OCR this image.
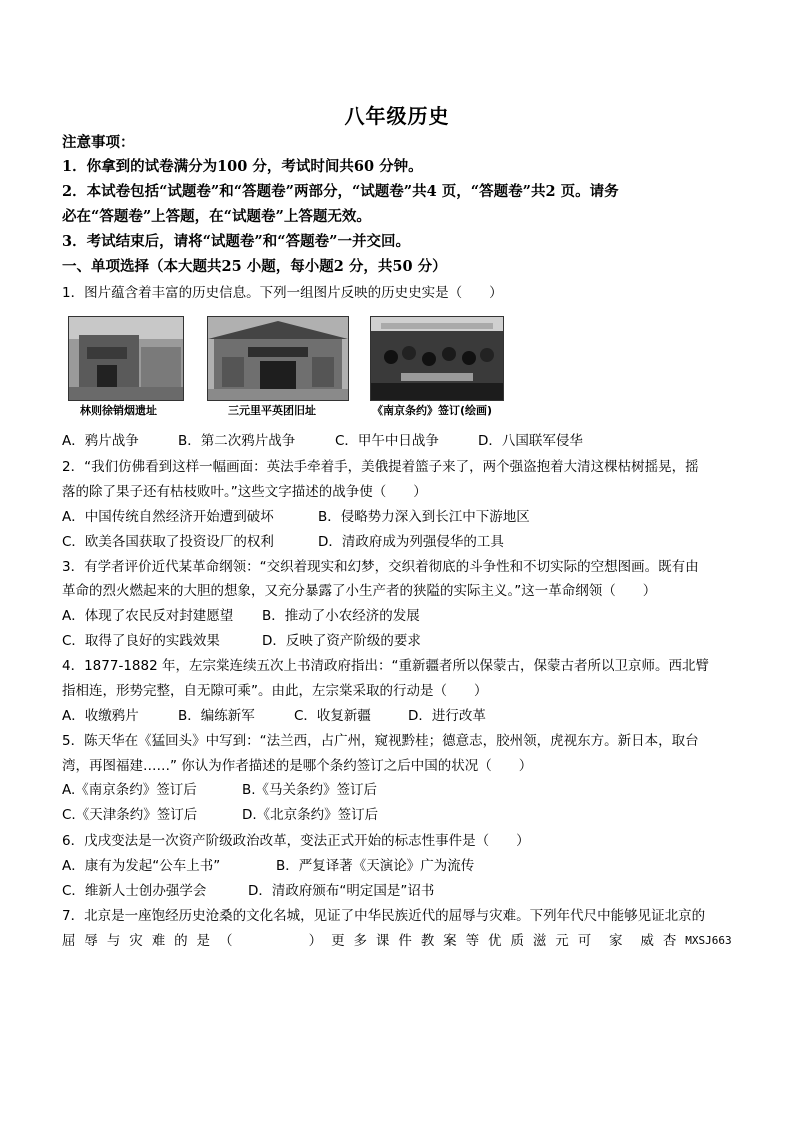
八年级历史
注意事项：
1．你拿到的试卷满分为100 分，考试时间共60 分钟。
2．本试卷包括“试题卷”和“答题卷”两部分，“试题卷”共4 页，“答题卷”共2 页。请务
必在“答题卷”上答题，在“试题卷”上答题无效。
3．考试结束后，请将“试题卷”和“答题卷”一并交回。
一、单项选择（本大题共25 小题，每小题2 分，共50 分）
1．图片蕴含着丰富的历史信息。下列一组图片反映的历史史实是（　　）
林则徐销烟遗址	三元里平英团旧址	《南京条约》签订(绘画)
A．鸦片战争	B．第二次鸦片战争	C．甲午中日战争	D．八国联军侵华
2．“我们仿佛看到这样一幅画面：英法手牵着手，美俄提着篮子来了，两个强盗抱着大清这棵枯树摇晃，摇
落的除了果子还有枯枝败叶。”这些文字描述的战争使（　　）
A．中国传统自然经济开始遭到破坏	B．侵略势力深入到长江中下游地区
C．欧美各国获取了投资设厂的权利	D．清政府成为列强侵华的工具
3．有学者评价近代某革命纲领：“交织着现实和幻梦，交织着彻底的斗争性和不切实际的空想图画。既有由
革命的烈火燃起来的大胆的想象，又充分暴露了小生产者的狭隘的实际主义。”这一革命纲领（　　）
A．体现了农民反对封建愿望 B．推动了小农经济的发展
C．取得了良好的实践效果	D．反映了资产阶级的要求
4．1877-1882 年，左宗棠连续五次上书清政府指出：“重新疆者所以保蒙古，保蒙古者所以卫京师。西北臂
指相连，形势完整，自无隙可乘”。由此，左宗棠采取的行动是（　　）
A．收缴鸦片	B．编练新军	C．收复新疆	D．进行改革
5．陈天华在《猛回头》中写到：“法兰西，占广州，窥视黔桂；德意志，胶州领，虎视东方。新日本，取台
湾，再图福建……” 你认为作者描述的是哪个条约签订之后中国的状况（　　）
A.《南京条约》签订后	B.《马关条约》签订后
C.《天津条约》签订后	D.《北京条约》签订后
6．戊戌变法是一次资产阶级政治改革，变法正式开始的标志性事件是（　　）
A．康有为发起“公车上书”	B．严复译著《天演论》广为流传
C．维新人士创办强学会	D．清政府颁布“明定国是”诏书
7．北京是一座饱经历史沧桑的文化名城，见证了中华民族近代的屈辱与灾难。下列年代尺中能够见证北京的
屈 辱 与 灾 难 的 是 （

　	） 更 多 课 件 教 案 等 优 质 滋 元 可 家 威 杏 MXSJ663
